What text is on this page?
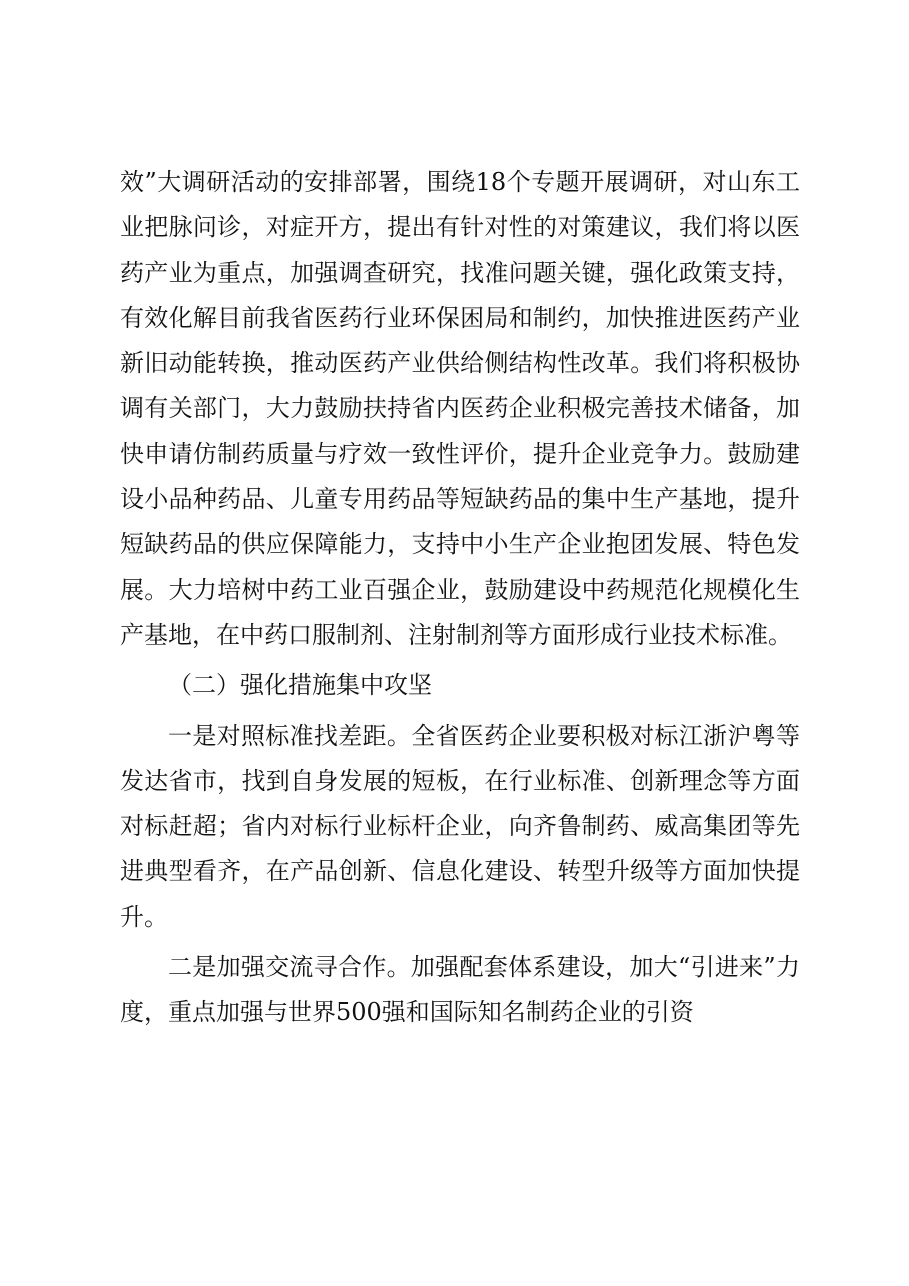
效”大调研活动的安排部署，围绕18个专题开展调研，对山东工业把脉问诊，对症开方，提出有针对性的对策建议，我们将以医药产业为重点，加强调查研究，找准问题关键，强化政策支持，有效化解目前我省医药行业环保困局和制约，加快推进医药产业新旧动能转换，推动医药产业供给侧结构性改革。我们将积极协调有关部门，大力鼓励扶持省内医药企业积极完善技术储备，加快申请仿制药质量与疗效一致性评价，提升企业竞争力。鼓励建设小品种药品、儿童专用药品等短缺药品的集中生产基地，提升短缺药品的供应保障能力，支持中小生产企业抱团发展、特色发展。大力培树中药工业百强企业，鼓励建设中药规范化规模化生产基地，在中药口服制剂、注射制剂等方面形成行业技术标准。

（二）强化措施集中攻坚

一是对照标准找差距。全省医药企业要积极对标江浙沪粤等发达省市，找到自身发展的短板，在行业标准、创新理念等方面对标赶超；省内对标行业标杆企业，向齐鲁制药、威高集团等先进典型看齐，在产品创新、信息化建设、转型升级等方面加快提升。

二是加强交流寻合作。加强配套体系建设，加大“引进来”力度，重点加强与世界500强和国际知名制药企业的引资
